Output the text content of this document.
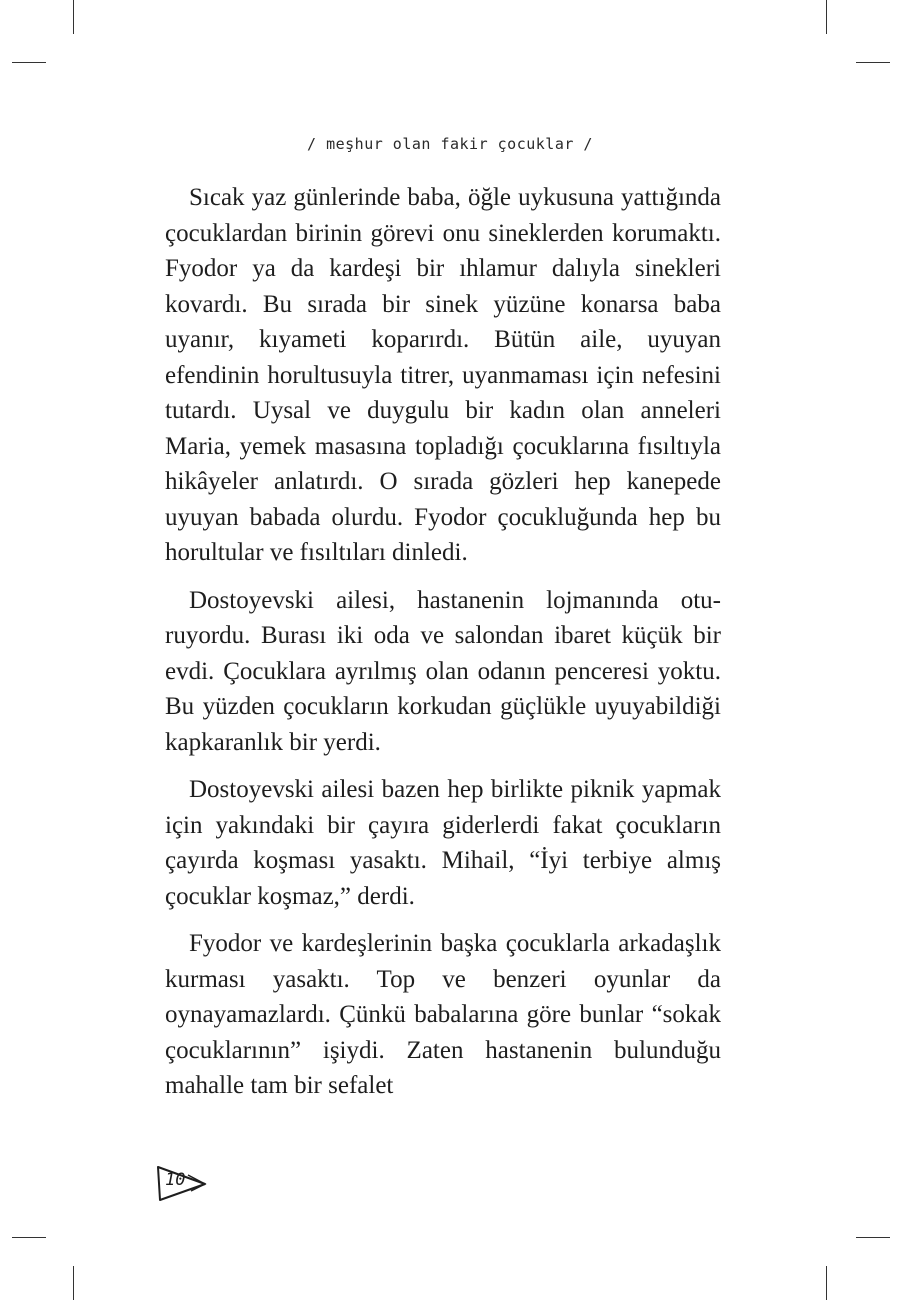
/ meşhur olan fakir çocuklar /

Sıcak yaz günlerinde baba, öğle uykusuna yattığında çocuklardan birinin görevi onu sineklerden korumaktı. Fyodor ya da kardeşi bir ıhlamur dalıyla sinekleri kovardı. Bu sırada bir sinek yüzüne konarsa baba uyanır, kıyameti koparırdı. Bütün aile, uyuyan efendinin horultusuyla titrer, uyanmaması için nefesini tutardı. Uysal ve duygulu bir kadın olan anneleri Maria, yemek masasına topladığı çocuklarına fısıltıyla hikâyeler anlatırdı. O sırada gözleri hep kanepede uyuyan babada olurdu. Fyodor çocukluğunda hep bu horultular ve fısıltıları dinledi.

Dostoyevski ailesi, hastanenin lojmanında oturuyordu. Burası iki oda ve salondan ibaret küçük bir evdi. Çocuklara ayrılmış olan odanın penceresi yoktu. Bu yüzden çocukların korkudan güçlükle uyuyabildiği kapkaranlık bir yerdi.

Dostoyevski ailesi bazen hep birlikte piknik yapmak için yakındaki bir çayıra giderlerdi fakat çocukların çayırda koşması yasaktı. Mihail, “İyi terbiye almış çocuklar koşmaz,” derdi.

Fyodor ve kardeşlerinin başka çocuklarla arkadaşlık kurması yasaktı. Top ve benzeri oyunlar da oynayamazlardı. Çünkü babalarına göre bunlar “sokak çocuklarının” işiydi. Zaten hastanenin bulunduğu mahalle tam bir sefalet

10
